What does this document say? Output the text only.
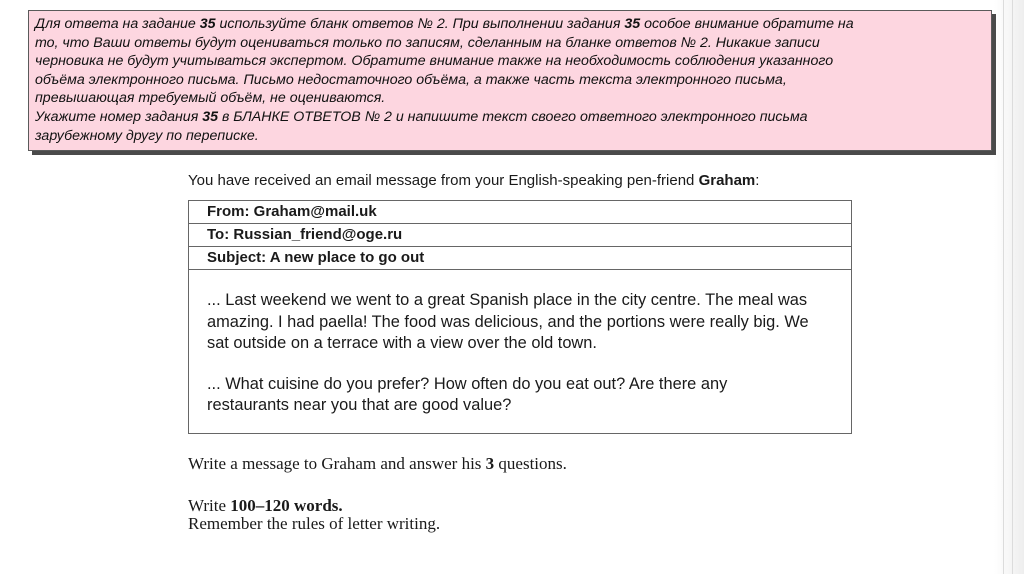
Для ответа на задание 35 используйте бланк ответов № 2. При выполнении задания 35 особое внимание обратите на

то, что Ваши ответы будут оцениваться только по записям, сделанным на бланке ответов № 2. Никакие записи

черновика не будут учитываться экспертом. Обратите внимание также на необходимость соблюдения указанного

объёма электронного письма. Письмо недостаточного объёма, а также часть текста электронного письма,

превышающая требуемый объём, не оцениваются.

Укажите номер задания 35 в БЛАНКЕ ОТВЕТОВ № 2 и напишите текст своего ответного электронного письма

зарубежному другу по переписке.

You have received an email message from your English-speaking pen-friend Graham:
From: Graham@mail.uk
To: Russian_friend@oge.ru
Subject: A new place to go out

... Last weekend we went to a great Spanish place in the city centre. The meal was
amazing. I had paella! The food was delicious, and the portions were really big. We
sat outside on a terrace with a view over the old town.

... What cuisine do you prefer? How often do you eat out? Are there any
restaurants near you that are good value?

Write a message to Graham and answer his 3 questions.
Write 100–120 words.
Remember the rules of letter writing.
